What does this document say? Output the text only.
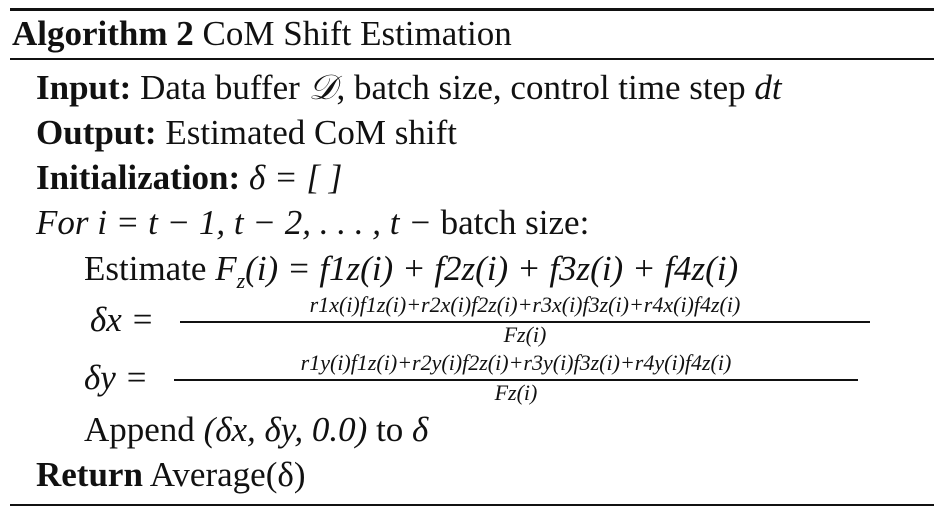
Algorithm 2 CoM Shift Estimation
Input: Data buffer 𝒟, batch size, control time step dt
Output: Estimated CoM shift
Initialization: δ = [ ]
For i = t − 1, t − 2, . . . , t − batch size:
Estimate $F_z(i) = f1z(i) + f2z(i) + f3z(i) + f4z(i)$
δx =	r1x(i)f1z(i)+r2x(i)f2z(i)+r3x(i)f3z(i)+r4x(i)f4z(i)
Fz(i)
δy =	r1y(i)f1z(i)+r2y(i)f2z(i)+r3y(i)f3z(i)+r4y(i)f4z(i)
Fz(i)
Append (δx, δy, 0.0) to δ
Return Average(δ)
